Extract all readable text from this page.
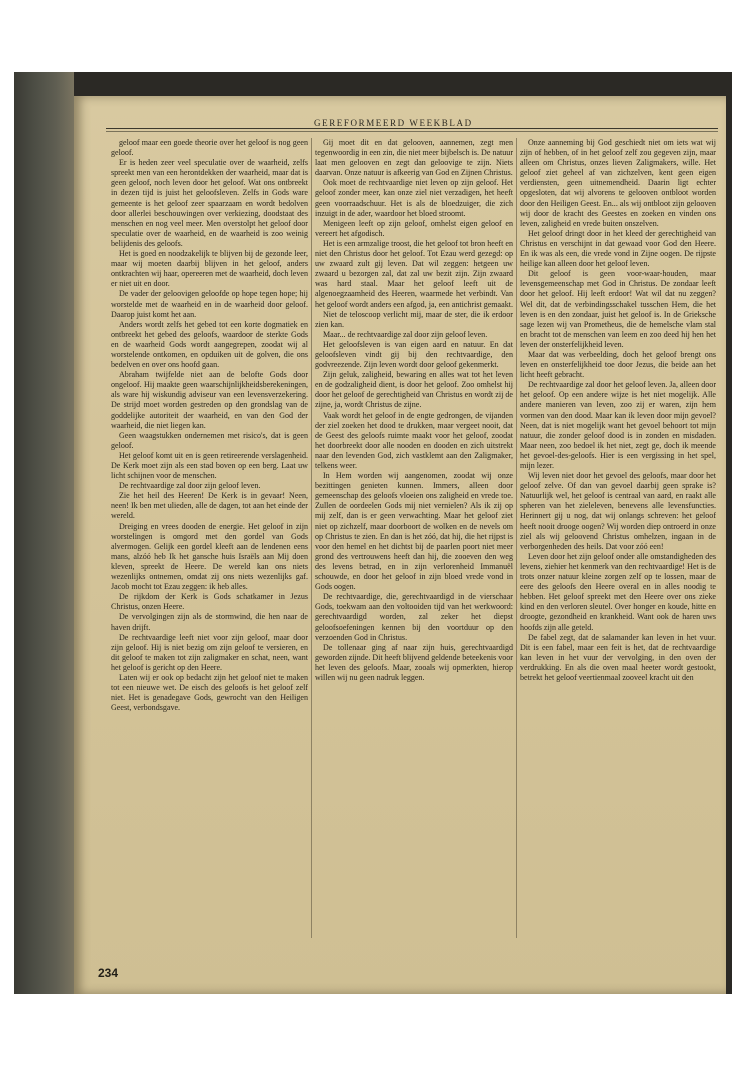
GEREFORMEERD WEEKBLAD

geloof maar een goede theorie over het geloof is nog geen geloof.

Er is heden zeer veel speculatie over de waarheid, zelfs spreekt men van een herontdekken der waarheid, maar dat is geen geloof, noch leven door het geloof. Wat ons ontbreekt in dezen tijd is juist het geloofsleven. Zelfs in Gods ware gemeente is het geloof zeer spaarzaam en wordt bedolven door allerlei beschouwingen over verkiezing, doodstaat des menschen en nog veel meer. Men overstolpt het geloof door speculatie over de waarheid, en de waarheid is zoo weinig belijdenis des geloofs.

Het is goed en noodzakelijk te blijven bij de gezonde leer, maar wij moeten daarbij blijven in het geloof, anders ontkrachten wij haar, opereeren met de waarheid, doch leven er niet uit en door.

De vader der geloovigen geloofde op hope tegen hope; hij worstelde met de waarheid en in de waarheid door geloof. Daarop juist komt het aan.

Anders wordt zelfs het gebed tot een korte dogmatiek en ontbreekt het gebed des geloofs, waardoor de sterkte Gods en de waarheid Gods wordt aangegrepen, zoodat wij al worstelende ontkomen, en opduiken uit de golven, die ons bedelven en over ons hoofd gaan.

Abraham twijfelde niet aan de belofte Gods door ongeloof. Hij maakte geen waarschijnlijkheidsberekeningen, als ware hij wiskundig adviseur van een levensverzekering. De strijd moet worden gestreden op den grondslag van de goddelijke autoriteit der waarheid, en van den God der waarheid, die niet liegen kan.

Geen waagstukken ondernemen met risico's, dat is geen geloof.

Het geloof komt uit en is geen retireerende verslagenheid. De Kerk moet zijn als een stad boven op een berg. Laat uw licht schijnen voor de menschen.

De rechtvaardige zal door zijn geloof leven.

Zie het heil des Heeren! De Kerk is in gevaar! Neen, neen! Ik ben met ulieden, alle de dagen, tot aan het einde der wereld.

Dreiging en vrees dooden de energie. Het geloof in zijn worstelingen is omgord met den gordel van Gods alvermogen. Gelijk een gordel kleeft aan de lendenen eens mans, alzóó heb Ik het gansche huis Israëls aan Mij doen kleven, spreekt de Heere. De wereld kan ons niets wezenlijks ontnemen, omdat zij ons niets wezenlijks gaf. Jacob mocht tot Ezau zeggen: ik heb alles.

De rijkdom der Kerk is Gods schatkamer in Jezus Christus, onzen Heere.

De vervolgingen zijn als de stormwind, die hen naar de haven drijft.

De rechtvaardige leeft niet voor zijn geloof, maar door zijn geloof. Hij is niet bezig om zijn geloof te versieren, en dit geloof te maken tot zijn zaligmaker en schat, neen, want het geloof is gericht op den Heere.

Laten wij er ook op bedacht zijn het geloof niet te maken tot een nieuwe wet. De eisch des geloofs is het geloof zelf niet. Het is genadegave Gods, gewrocht van den Heiligen Geest, verbondsgave.

Gij moet dit en dat gelooven, aannemen, zegt men tegenwoordig in een zin, die niet meer bijbelsch is. De natuur laat men gelooven en zegt dan geloovige te zijn. Niets daarvan. Onze natuur is afkeerig van God en Zijnen Christus.

Ook moet de rechtvaardige niet leven op zijn geloof. Het geloof zonder meer, kan onze ziel niet verzadigen, het heeft geen voorraadschuur. Het is als de bloedzuiger, die zich inzuigt in de ader, waardoor het bloed stroomt.

Menigeen leeft op zijn geloof, omhelst eigen geloof en vereert het afgodisch.

Het is een armzalige troost, die het geloof tot bron heeft en niet den Christus door het geloof. Tot Ezau werd gezegd: op uw zwaard zult gij leven. Dat wil zeggen: hetgeen uw zwaard u bezorgen zal, dat zal uw bezit zijn. Zijn zwaard was hard staal. Maar het geloof leeft uit de algenoegzaamheid des Heeren, waarmede het verbindt. Van het geloof wordt anders een afgod, ja, een antichrist gemaakt.

Niet de teloscoop verlicht mij, maar de ster, die ik erdoor zien kan.

Maar... de rechtvaardige zal door zijn geloof leven.

Het geloofsleven is van eigen aard en natuur. En dat geloofsleven vindt gij bij den rechtvaardige, den godvreezende. Zijn leven wordt door geloof gekenmerkt.

Zijn geluk, zaligheid, bewaring en alles wat tot het leven en de godzaligheid dient, is door het geloof. Zoo omhelst hij door het geloof de gerechtigheid van Christus en wordt zij de zijne, ja, wordt Christus de zijne.

Vaak wordt het geloof in de engte gedrongen, de vijanden der ziel zoeken het dood te drukken, maar vergeet nooit, dat de Geest des geloofs ruimte maakt voor het geloof, zoodat het doorbreekt door alle nooden en dooden en zich uitstrekt naar den levenden God, zich vastklemt aan den Zaligmaker, telkens weer.

In Hem worden wij aangenomen, zoodat wij onze bezittingen genieten kunnen. Immers, alleen door gemeenschap des geloofs vloeien ons zaligheid en vrede toe. Zullen de oordeelen Gods mij niet vernielen? Als ik zij op mij zelf, dan is er geen verwachting. Maar het geloof ziet niet op zichzelf, maar doorboort de wolken en de nevels om op Christus te zien. En dan is het zóó, dat hij, die het rijpst is voor den hemel en het dichtst bij de paarlen poort niet meer grond des vertrouwens heeft dan hij, die zooeven den weg des levens betrad, en in zijn verlorenheid Immanuël schouwde, en door het geloof in zijn bloed vrede vond in Gods oogen.

De rechtvaardige, die, gerechtvaardigd in de vierschaar Gods, toekwam aan den voltooiden tijd van het werkwoord: gerechtvaardigd worden, zal zeker het diepst geloofsoefeningen kennen bij den voortduur op den verzoenden God in Christus.

De tollenaar ging af naar zijn huis, gerechtvaardigd geworden zijnde. Dit heeft blijvend geldende beteekenis voor het leven des geloofs. Maar, zooals wij opmerkten, hierop willen wij nu geen nadruk leggen.

Onze aanneming bij God geschiedt niet om iets wat wij zijn of hebben, of in het geloof zelf zou gegeven zijn, maar alleen om Christus, onzes lieven Zaligmakers, wille. Het geloof ziet geheel af van zichzelven, kent geen eigen verdiensten, geen uitnemendheid. Daarin ligt echter opgesloten, dat wij alvorens te gelooven ontbloot worden door den Heiligen Geest. En... als wij ontbloot zijn gelooven wij door de kracht des Geestes en zoeken en vinden ons leven, zaligheid en vrede buiten onszelven.

Het geloof dringt door in het kleed der gerechtigheid van Christus en verschijnt in dat gewaad voor God den Heere. En ik was als een, die vrede vond in Zijne oogen. De rijpste heilige kan alleen door het geloof leven.

Dit geloof is geen voor-waar-houden, maar levensgemeenschap met God in Christus. De zondaar leeft door het geloof. Hij leeft erdoor! Wat wil dat nu zeggen? Wel dit, dat de verbindingsschakel tusschen Hem, die het leven is en den zondaar, juist het geloof is. In de Grieksche sage lezen wij van Prometheus, die de hemelsche vlam stal en bracht tot de menschen van leem en zoo deed hij hen het leven der onsterfelijkheid leven.

Maar dat was verbeelding, doch het geloof brengt ons leven en onsterfelijkheid toe door Jezus, die beide aan het licht heeft gebracht.

De rechtvaardige zal door het geloof leven. Ja, alleen door het geloof. Op een andere wijze is het niet mogelijk. Alle andere manieren van leven, zoo zij er waren, zijn hem vormen van den dood. Maar kan ik leven door mijn gevoel? Neen, dat is niet mogelijk want het gevoel behoort tot mijn natuur, die zonder geloof dood is in zonden en misdaden. Maar neen, zoo bedoel ik het niet, zegt ge, doch ik meende het gevoel-des-geloofs. Hier is een vergissing in het spel, mijn lezer.

Wij leven niet door het gevoel des geloofs, maar door het geloof zelve. Of dan van gevoel daarbij geen sprake is? Natuurlijk wel, het geloof is centraal van aard, en raakt alle spheren van het zieleleven, benevens alle levensfuncties. Herinnert gij u nog, dat wij onlangs schreven: het geloof heeft nooit drooge oogen? Wij worden diep ontroerd in onze ziel als wij geloovend Christus omhelzen, ingaan in de verborgenheden des heils. Dat voor zóó een!

Leven door het zijn geloof onder alle omstandigheden des levens, ziehier het kenmerk van den rechtvaardige! Het is de trots onzer natuur kleine zorgen zelf op te lossen, maar de eere des geloofs den Heere overal en in alles noodig te hebben. Het geloof spreekt met den Heere over ons zieke kind en den verloren sleutel. Over honger en koude, hitte en droogte, gezondheid en krankheid. Want ook de haren uws hoofds zijn alle geteld.

De fabel zegt, dat de salamander kan leven in het vuur. Dit is een fabel, maar een feit is het, dat de rechtvaardige kan leven in het vuur der vervolging, in den oven der verdrukking. En als die oven maal heeter wordt gestookt, betrekt het geloof veertienmaal zooveel kracht uit den

234
